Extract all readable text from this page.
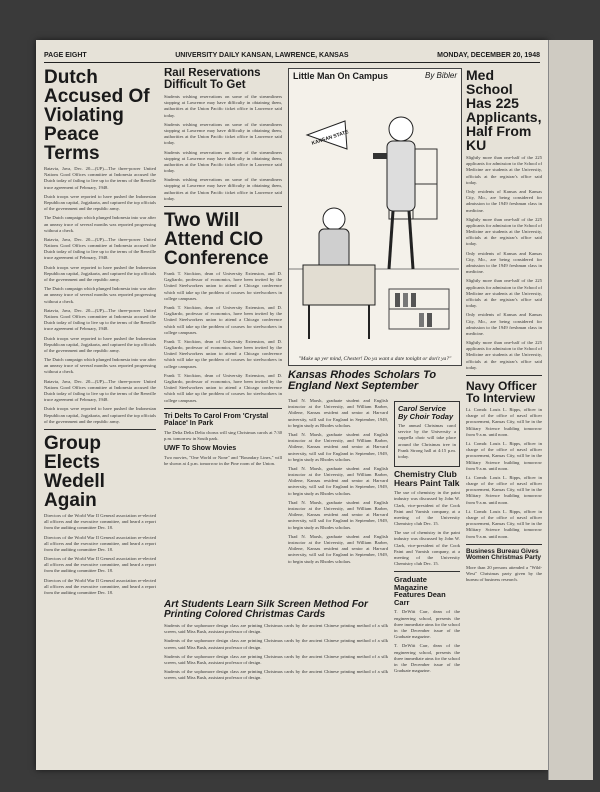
PAGE EIGHT	UNIVERSITY DAILY KANSAN, LAWRENCE, KANSAS	MONDAY, DECEMBER 20, 1948
Dutch Accused Of Violating Peace Terms

Batavia, Java, Dec. 20—(UP)—The three-power United Nations Good Offices committee at Indonesia accused the Dutch today of failing to live up to the terms of the Renville truce agreement of February, 1948.

Dutch troops were reported to have pushed the Indonesian Republican capital, Jogjakarta, and captured the top officials of the government and the republic army.

The Dutch campaign which plunged Indonesia into war after an uneasy truce of several months was reported progressing without a check.

Batavia, Java, Dec. 20—(UP)—The three-power United Nations Good Offices committee at Indonesia accused the Dutch today of failing to live up to the terms of the Renville truce agreement of February, 1948.

Dutch troops were reported to have pushed the Indonesian Republican capital, Jogjakarta, and captured the top officials of the government and the republic army.

The Dutch campaign which plunged Indonesia into war after an uneasy truce of several months was reported progressing without a check.

Batavia, Java, Dec. 20—(UP)—The three-power United Nations Good Offices committee at Indonesia accused the Dutch today of failing to live up to the terms of the Renville truce agreement of February, 1948.

Dutch troops were reported to have pushed the Indonesian Republican capital, Jogjakarta, and captured the top officials of the government and the republic army.

The Dutch campaign which plunged Indonesia into war after an uneasy truce of several months was reported progressing without a check.

Batavia, Java, Dec. 20—(UP)—The three-power United Nations Good Offices committee at Indonesia accused the Dutch today of failing to live up to the terms of the Renville truce agreement of February, 1948.

Dutch troops were reported to have pushed the Indonesian Republican capital, Jogjakarta, and captured the top officials of the government and the republic army.

Group Elects Wedell Again

Directors of the World War II General association re-elected all officers and the executive committee, and heard a report from the auditing committee Dec. 18.

Directors of the World War II General association re-elected all officers and the executive committee, and heard a report from the auditing committee Dec. 18.

Directors of the World War II General association re-elected all officers and the executive committee, and heard a report from the auditing committee Dec. 18.

Directors of the World War II General association re-elected all officers and the executive committee, and heard a report from the auditing committee Dec. 18.

Rail Reservations Difficult To Get

Students wishing reservations on some of the streamliners stopping at Lawrence may have difficulty in obtaining them, authorities at the Union Pacific ticket office in Lawrence said today.

Students wishing reservations on some of the streamliners stopping at Lawrence may have difficulty in obtaining them, authorities at the Union Pacific ticket office in Lawrence said today.

Students wishing reservations on some of the streamliners stopping at Lawrence may have difficulty in obtaining them, authorities at the Union Pacific ticket office in Lawrence said today.

Students wishing reservations on some of the streamliners stopping at Lawrence may have difficulty in obtaining them, authorities at the Union Pacific ticket office in Lawrence said today.

Two Will Attend CIO Conference

Frank T. Stockton, dean of University Extension, and D. Gagliardo, professor of economics, have been invited by the United Steelworkers union to attend a Chicago conference which will take up the problem of courses for steelworkers in college campuses.

Frank T. Stockton, dean of University Extension, and D. Gagliardo, professor of economics, have been invited by the United Steelworkers union to attend a Chicago conference which will take up the problem of courses for steelworkers in college campuses.

Frank T. Stockton, dean of University Extension, and D. Gagliardo, professor of economics, have been invited by the United Steelworkers union to attend a Chicago conference which will take up the problem of courses for steelworkers in college campuses.

Frank T. Stockton, dean of University Extension, and D. Gagliardo, professor of economics, have been invited by the United Steelworkers union to attend a Chicago conference which will take up the problem of courses for steelworkers in college campuses.

Tri Delts To Carol From 'Crystal Palace' In Park

The Delta Delta Delta chorus will sing Christmas carols at 7:30 p.m. tomorrow in South park.

UWF To Show Movies

Two movies, "One World or None" and "Boundary Lines," will be shown at 4 p.m. tomorrow in the Pine room of the Union.

Little Man On Campus	By Bibler
KANSAN STATE
"Make up yer mind, Chester! Do ya want a date tonight or don't ya?"
Kansas Rhodes Scholars To England Next September

Thad N. Marsh, graduate student and English instructor at the University, and William Barber, Abilene, Kansas resident and senior at Harvard university, will sail for England in September, 1949, to begin study as Rhodes scholars.

Thad N. Marsh, graduate student and English instructor at the University, and William Barber, Abilene, Kansas resident and senior at Harvard university, will sail for England in September, 1949, to begin study as Rhodes scholars.

Thad N. Marsh, graduate student and English instructor at the University, and William Barber, Abilene, Kansas resident and senior at Harvard university, will sail for England in September, 1949, to begin study as Rhodes scholars.

Thad N. Marsh, graduate student and English instructor at the University, and William Barber, Abilene, Kansas resident and senior at Harvard university, will sail for England in September, 1949, to begin study as Rhodes scholars.

Thad N. Marsh, graduate student and English instructor at the University, and William Barber, Abilene, Kansas resident and senior at Harvard university, will sail for England in September, 1949, to begin study as Rhodes scholars.

Carol Service By Choir Today

The annual Christmas carol service by the University a cappella choir will take place around the Christmas tree in Frank Strong hall at 4:15 p.m. today.

Chemistry Club Hears Paint Talk

The use of chemistry in the paint industry was discussed by John W. Clark, vice-president of the Cook Paint and Varnish company, at a meeting of the University Chemistry club Dec. 15.

The use of chemistry in the paint industry was discussed by John W. Clark, vice-president of the Cook Paint and Varnish company, at a meeting of the University Chemistry club Dec. 15.

Graduate Magazine Features Dean Carr

T. DeWitt Carr, dean of the engineering school, presents the three immediate aims for the school in the December issue of the Graduate magazine.

T. DeWitt Carr, dean of the engineering school, presents the three immediate aims for the school in the December issue of the Graduate magazine.

Art Students Learn Silk Screen Method For Printing Colored Christmas Cards

Students of the sophomore design class are printing Christmas cards by the ancient Chinese printing method of a silk screen, said Miss Bush, assistant professor of design.

Students of the sophomore design class are printing Christmas cards by the ancient Chinese printing method of a silk screen, said Miss Bush, assistant professor of design.

Students of the sophomore design class are printing Christmas cards by the ancient Chinese printing method of a silk screen, said Miss Bush, assistant professor of design.

Students of the sophomore design class are printing Christmas cards by the ancient Chinese printing method of a silk screen, said Miss Bush, assistant professor of design.

Med School Has 225 Applicants, Half From KU

Slightly more than one-half of the 225 applicants for admission to the School of Medicine are students at the University, officials at the registrar's office said today.

Only residents of Kansas and Kansas City, Mo., are being considered for admission to the 1949 freshman class in medicine.

Slightly more than one-half of the 225 applicants for admission to the School of Medicine are students at the University, officials at the registrar's office said today.

Only residents of Kansas and Kansas City, Mo., are being considered for admission to the 1949 freshman class in medicine.

Slightly more than one-half of the 225 applicants for admission to the School of Medicine are students at the University, officials at the registrar's office said today.

Only residents of Kansas and Kansas City, Mo., are being considered for admission to the 1949 freshman class in medicine.

Slightly more than one-half of the 225 applicants for admission to the School of Medicine are students at the University, officials at the registrar's office said today.

Navy Officer To Interview

Lt. Comdr. Louis L. Ripps, officer in charge of the office of naval officer procurement, Kansas City, will be in the Military Science building tomorrow from 9 a.m. until noon.

Lt. Comdr. Louis L. Ripps, officer in charge of the office of naval officer procurement, Kansas City, will be in the Military Science building tomorrow from 9 a.m. until noon.

Lt. Comdr. Louis L. Ripps, officer in charge of the office of naval officer procurement, Kansas City, will be in the Military Science building tomorrow from 9 a.m. until noon.

Lt. Comdr. Louis L. Ripps, officer in charge of the office of naval officer procurement, Kansas City, will be in the Military Science building tomorrow from 9 a.m. until noon.

Business Bureau Gives Women Christmas Party

More than 20 persons attended a "Wild-West" Christmas party given by the bureau of business research.
